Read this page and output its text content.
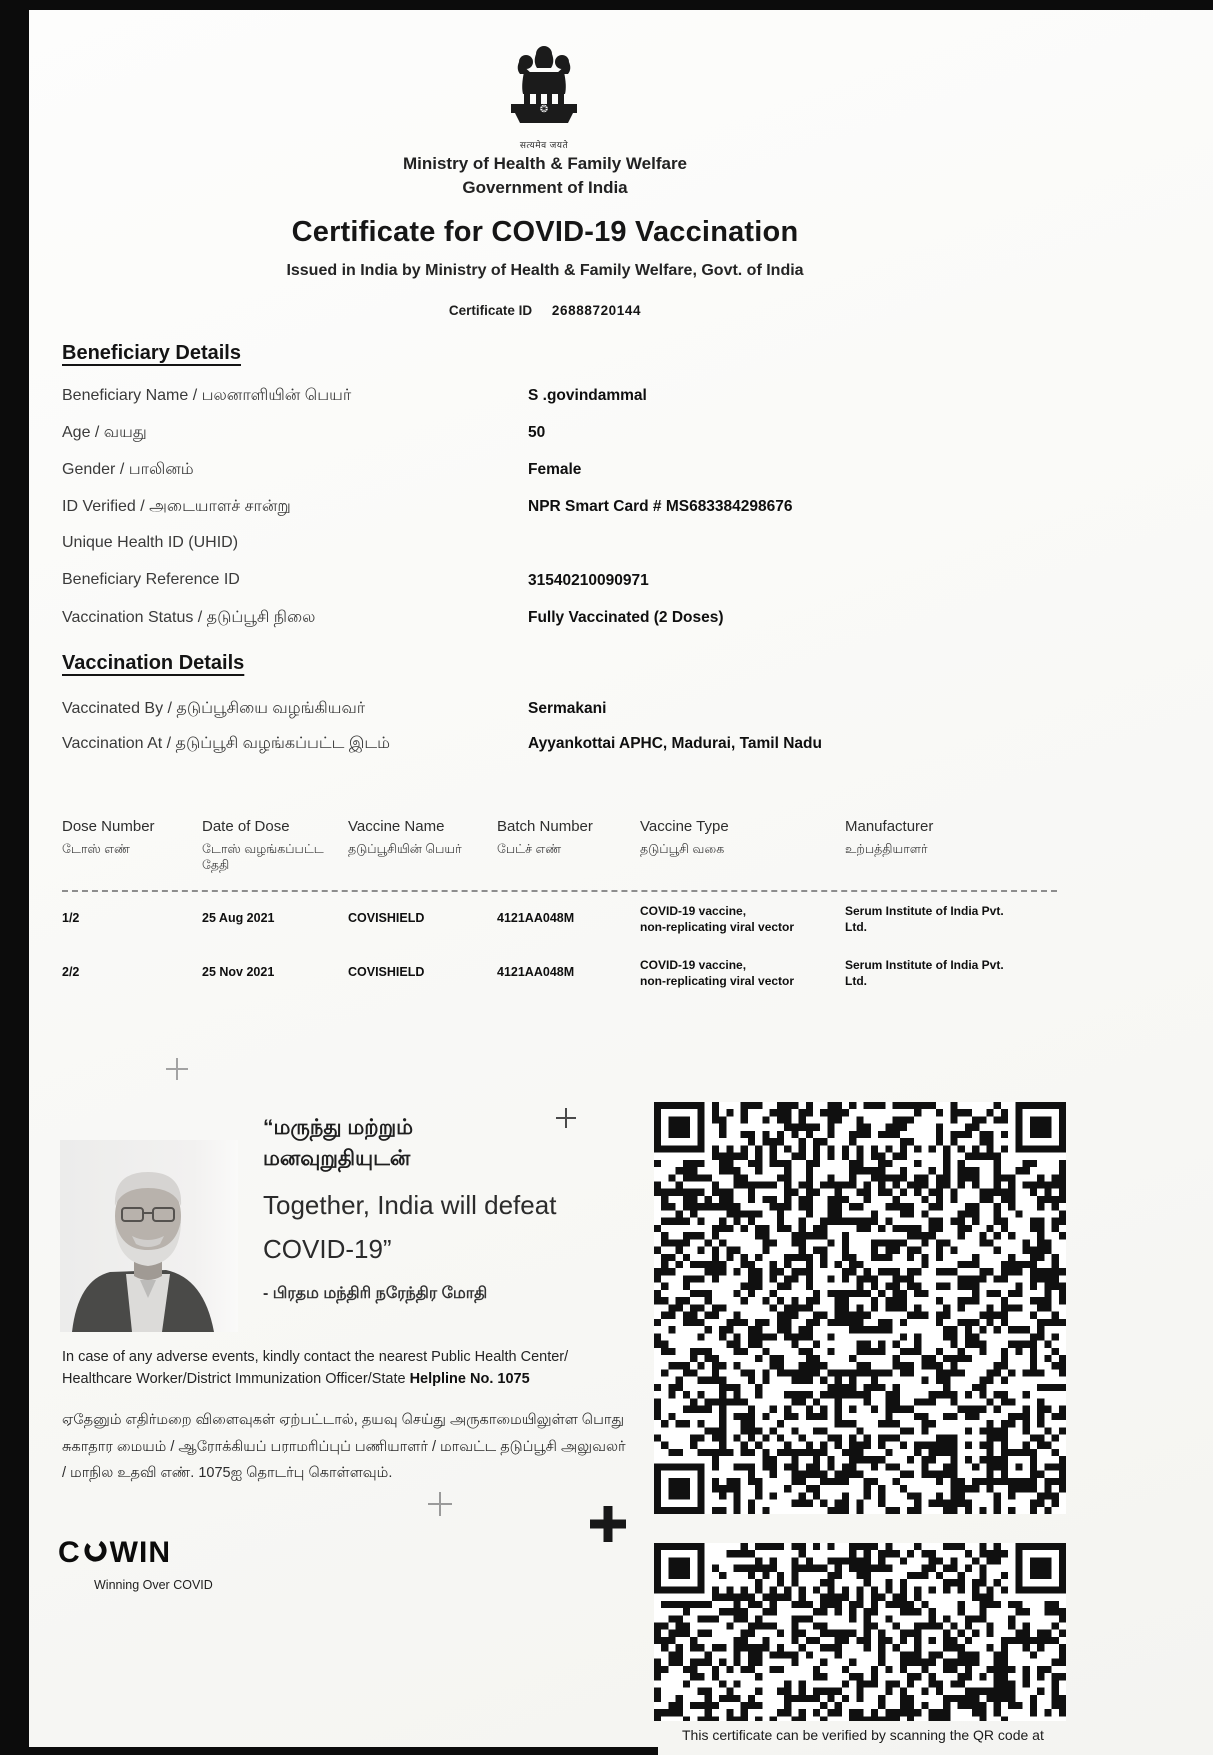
सत्यमेव जयते
Ministry of Health & Family Welfare
Government of India
Certificate for COVID-19 Vaccination
Issued in India by Ministry of Health & Family Welfare, Govt. of India
Certificate ID 26888720144
Beneficiary Details
Beneficiary Name / பலனாளியின் பெயர்	S .govindammal
Age / வயது	50
Gender / பாலினம்	Female
ID Verified / அடையாளச் சான்று	NPR Smart Card # MS683384298676
Unique Health ID (UHID)
Beneficiary Reference ID	31540210090971
Vaccination Status / தடுப்பூசி நிலை	Fully Vaccinated (2 Doses)
Vaccination Details
Vaccinated By / தடுப்பூசியை வழங்கியவர்	Sermakani
Vaccination At / தடுப்பூசி வழங்கப்பட்ட இடம்	Ayyankottai APHC, Madurai, Tamil Nadu
Dose Number
டோஸ் எண்
Date of Dose
டோஸ் வழங்கப்பட்ட தேதி
Vaccine Name
தடுப்பூசியின் பெயர்
Batch Number
பேட்ச் எண்
Vaccine Type
தடுப்பூசி வகை
Manufacturer
உற்பத்தியாளர்
1/2	25 Aug 2021	COVISHIELD	4121AA048M	COVID-19 vaccine,
non-replicating viral vector
Serum Institute of India Pvt.
Ltd.
2/2	25 Nov 2021	COVISHIELD	4121AA048M	COVID-19 vaccine,
non-replicating viral vector
Serum Institute of India Pvt.
Ltd.
“மருந்து மற்றும்
மனவுறுதியுடன்
Together, India will defeat
COVID-19”
- பிரதம மந்திரி நரேந்திர மோதி
In case of any adverse events, kindly contact the nearest Public Health Center/
Healthcare Worker/District Immunization Officer/State Helpline No. 1075
ஏதேனும் எதிர்மறை விளைவுகள் ஏற்பட்டால், தயவு செய்து அருகாமையிலுள்ள பொது சுகாதார மையம் / ஆரோக்கியப் பராமரிப்புப் பணியாளர் / மாவட்ட தடுப்பூசி அலுவலர் / மாநில உதவி எண். 1075ஐ தொடர்பு கொள்ளவும்.
C WIN
Winning Over COVID
This certificate can be verified by scanning the QR code at
